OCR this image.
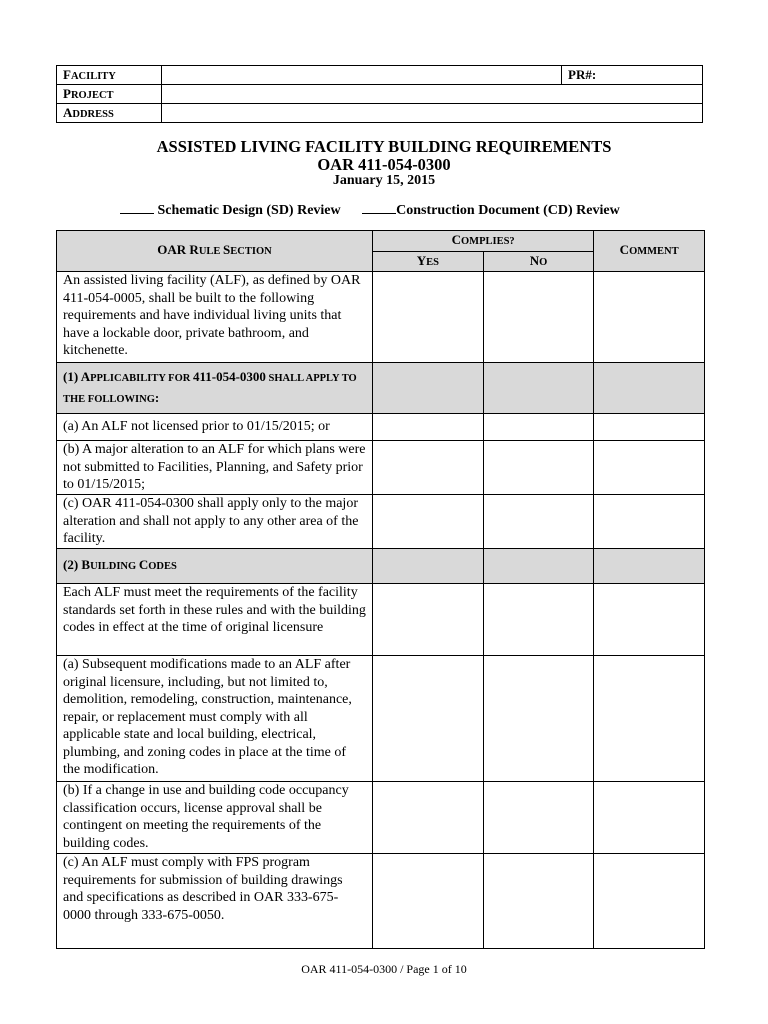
FACILITY		PR#:
PROJECT		
ADDRESS		
ASSISTED LIVING FACILITY BUILDING REQUIREMENTS
OAR 411-054-0300
January 15, 2015
Schematic Design (SD) Review	Construction Document (CD) Review
OAR RULE SECTION	COMPLIES?		COMMENT
	YES	NO	
An assisted living facility (ALF), as defined by OAR 411-054-0005, shall be built to the following requirements and have individual living units that have a lockable door, private bathroom, and kitchenette.			
(1) APPLICABILITY FOR 411-054-0300 SHALL APPLY TO THE FOLLOWING:			
(a) An ALF not licensed prior to 01/15/2015; or			
(b) A major alteration to an ALF for which plans were not submitted to Facilities, Planning, and Safety prior to 01/15/2015;			
(c) OAR 411-054-0300 shall apply only to the major alteration and shall not apply to any other area of the facility.			
(2) BUILDING CODES			
Each ALF must meet the requirements of the facility standards set forth in these rules and with the building codes in effect at the time of original licensure			
(a) Subsequent modifications made to an ALF after original licensure, including, but not limited to, demolition, remodeling, construction, maintenance, repair, or replacement must comply with all applicable state and local building, electrical, plumbing, and zoning codes in place at the time of the modification.			
(b) If a change in use and building code occupancy classification occurs, license approval shall be contingent on meeting the requirements of the building codes.			
(c) An ALF must comply with FPS program requirements for submission of building drawings and specifications as described in OAR 333-675-0000 through 333-675-0050.			
OAR 411-054-0300 / Page 1 of 10
